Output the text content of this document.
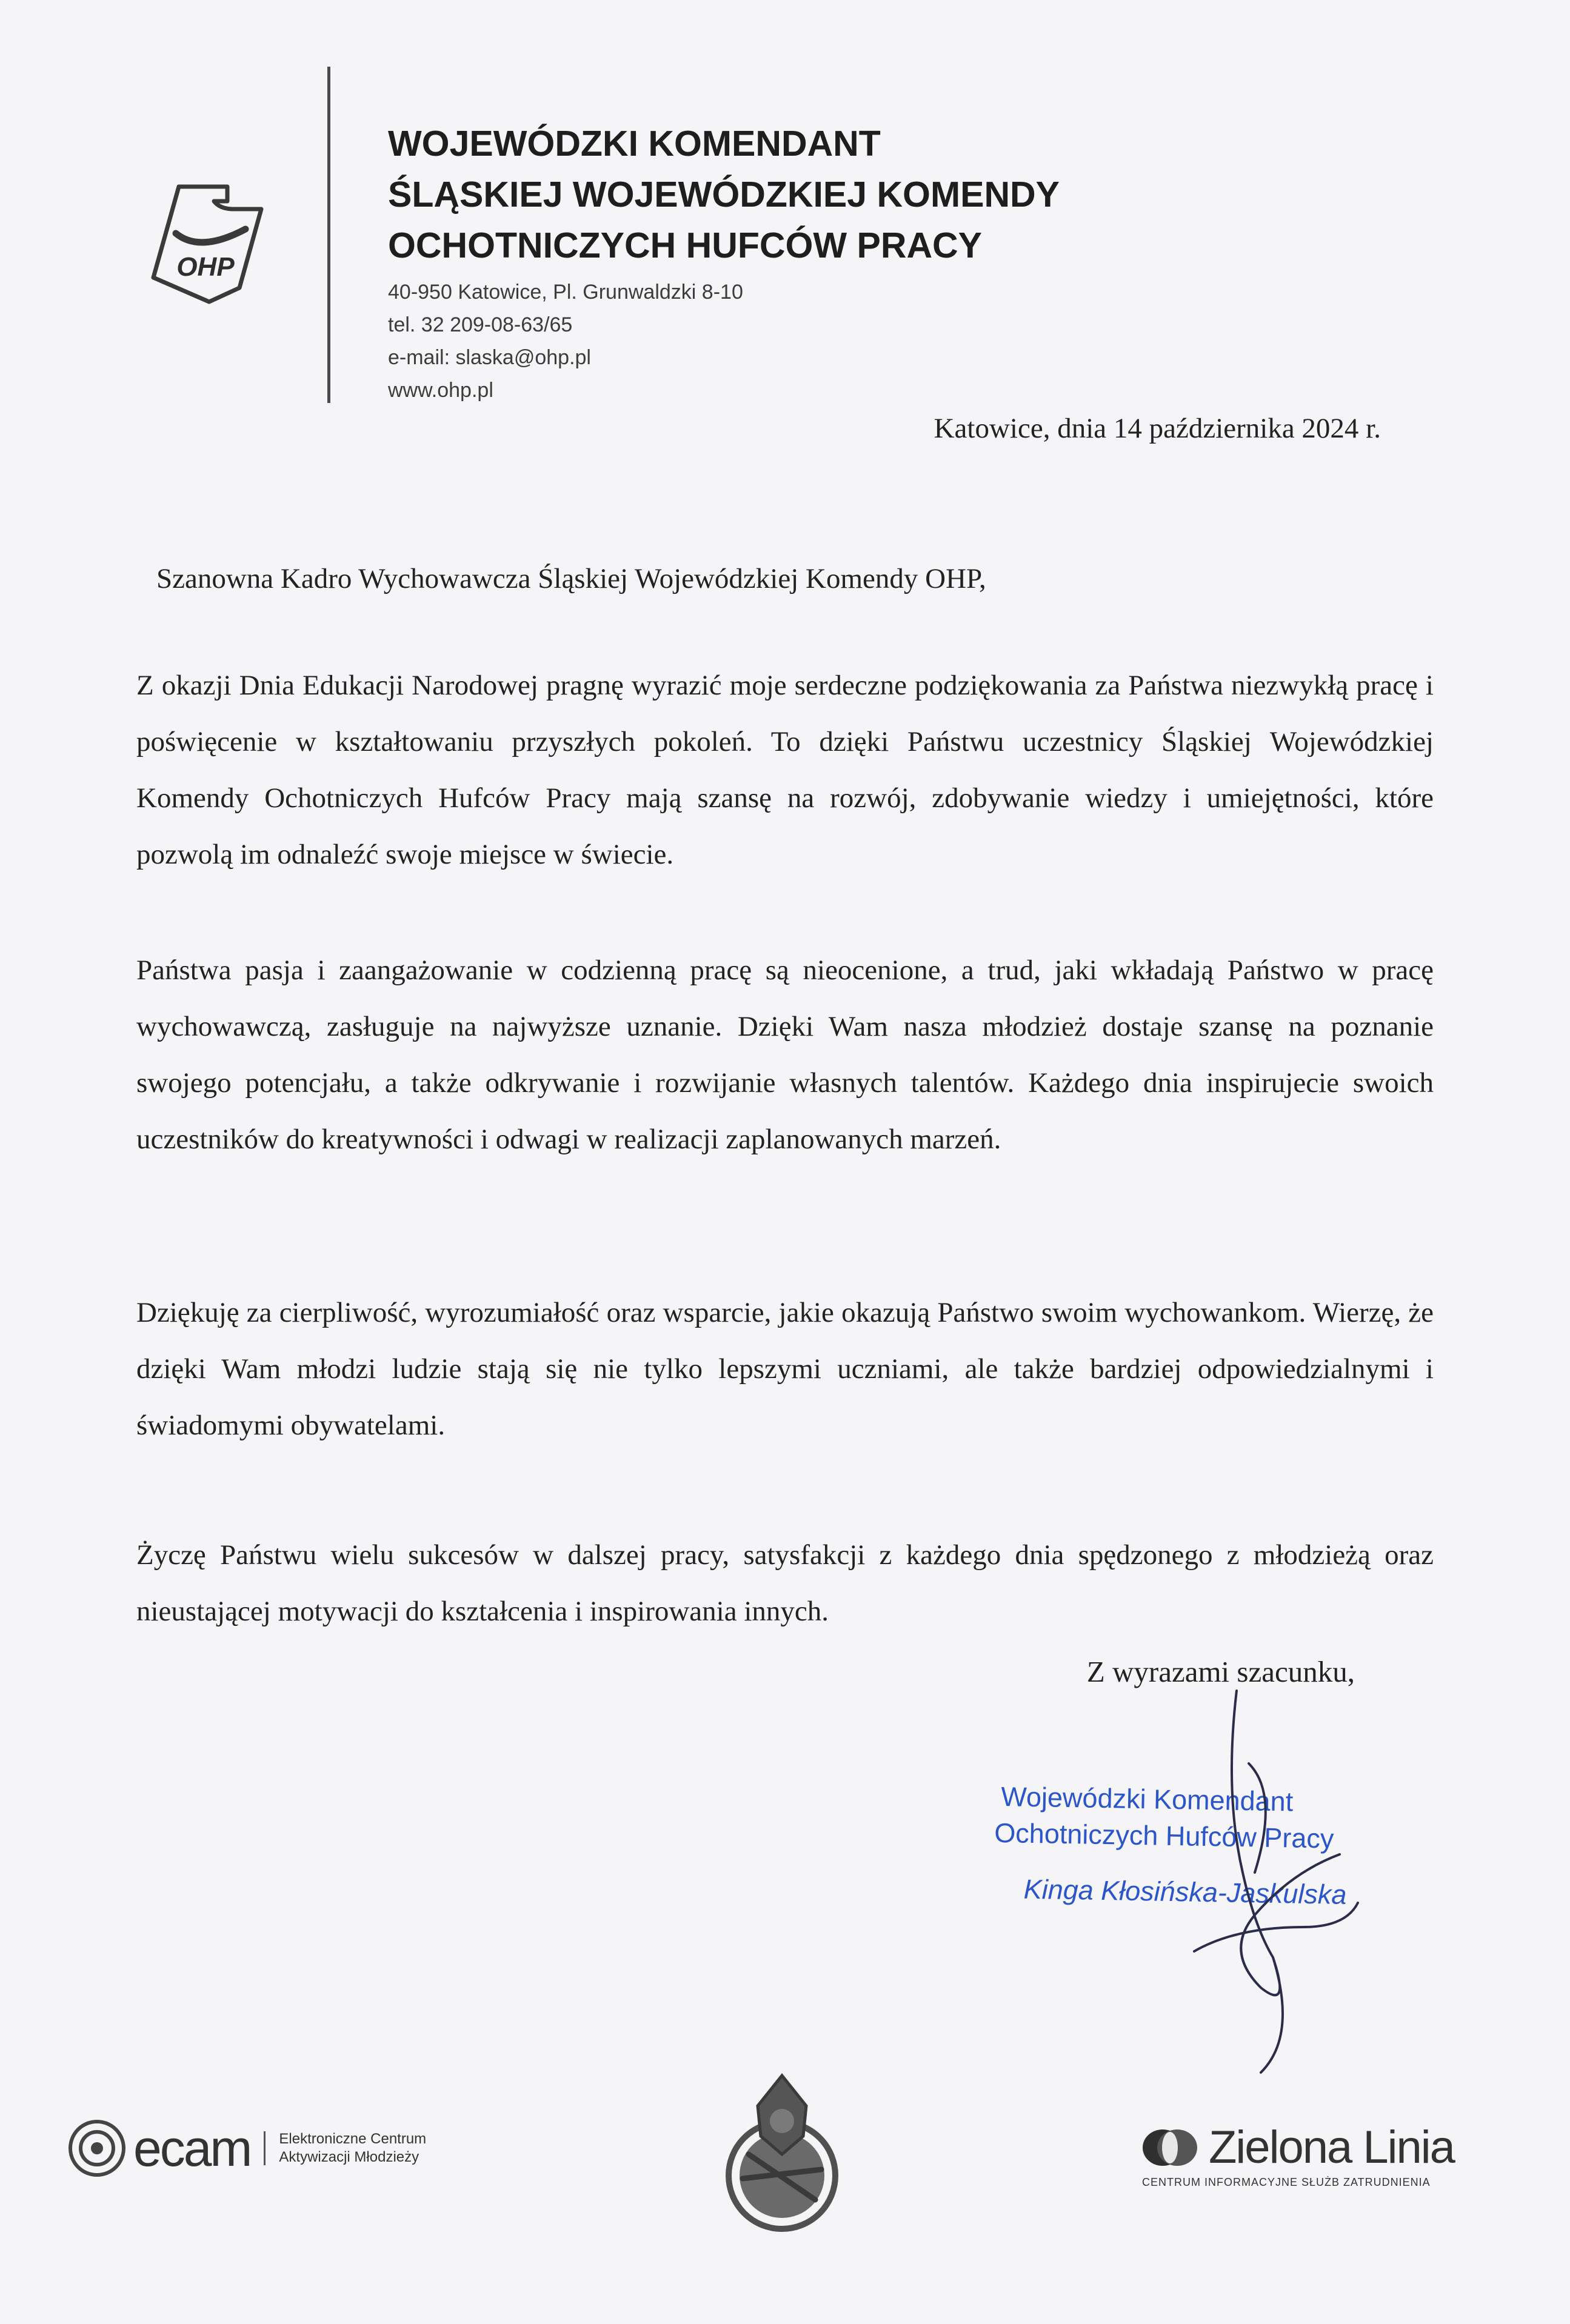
OHP
WOJEWÓDZKI KOMENDANT
ŚLĄSKIEJ WOJEWÓDZKIEJ KOMENDY
OCHOTNICZYCH HUFCÓW PRACY
40-950 Katowice, Pl. Grunwaldzki 8-10
tel. 32 209-08-63/65
e-mail: slaska@ohp.pl
www.ohp.pl
Katowice, dnia 14 października 2024 r.
Szanowna Kadro Wychowawcza Śląskiej Wojewódzkiej Komendy OHP,

Z okazji Dnia Edukacji Narodowej pragnę wyrazić moje serdeczne podziękowania za Państwa niezwykłą pracę i poświęcenie w kształtowaniu przyszłych pokoleń. To dzięki Państwu uczestnicy Śląskiej Wojewódzkiej Komendy Ochotniczych Hufców Pracy mają szansę na rozwój, zdobywanie wiedzy i umiejętności, które pozwolą im odnaleźć swoje miejsce w świecie.

Państwa pasja i zaangażowanie w codzienną pracę są nieocenione, a trud, jaki wkładają Państwo w pracę wychowawczą, zasługuje na najwyższe uznanie. Dzięki Wam nasza młodzież dostaje szansę na poznanie swojego potencjału, a także odkrywanie i rozwijanie własnych talentów. Każdego dnia inspirujecie swoich uczestników do kreatywności i odwagi w realizacji zaplanowanych marzeń.

Dziękuję za cierpliwość, wyrozumiałość oraz wsparcie, jakie okazują Państwo swoim wychowankom. Wierzę, że dzięki Wam młodzi ludzie stają się nie tylko lepszymi uczniami, ale także bardziej odpowiedzialnymi i świadomymi obywatelami.

Życzę Państwu wielu sukcesów w dalszej pracy, satysfakcji z każdego dnia spędzonego z młodzieżą oraz nieustającej motywacji do kształcenia i inspirowania innych.

Z wyrazami szacunku,
Wojewódzki Komendant
Ochotniczych Hufców Pracy
Kinga Kłosińska-Jaskulska
ecam Elektroniczne Centrum
Aktywizacji Młodzieży	Zielona Linia
CENTRUM INFORMACYJNE SŁUŻB ZATRUDNIENIA
